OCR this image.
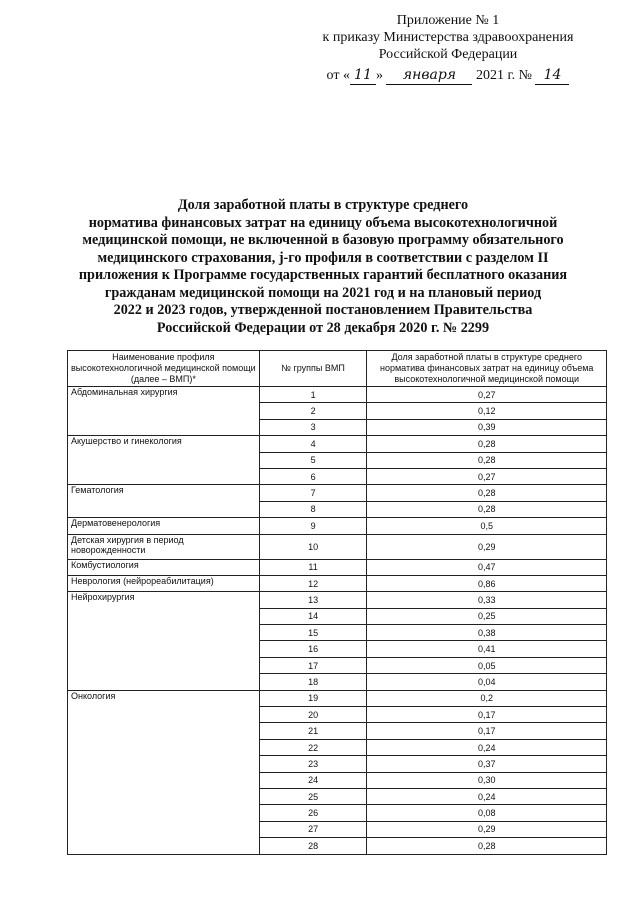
Приложение № 1
к приказу Министерства здравоохранения
Российской Федерации
от « 11 » января 2021 г. № 14
Доля заработной платы в структуре среднего
норматива финансовых затрат на единицу объема высокотехнологичной
медицинской помощи, не включенной в базовую программу обязательного
медицинского страхования, j-го профиля в соответствии с разделом II
приложения к Программе государственных гарантий бесплатного оказания
гражданам медицинской помощи на 2021 год и на плановый период
2022 и 2023 годов, утвержденной постановлением Правительства
Российской Федерации от 28 декабря 2020 г. № 2299
Наименование профиля высокотехнологичной медицинской помощи (далее – ВМП)*	№ группы ВМП	Доля заработной платы в структуре среднего норматива финансовых затрат на единицу объема высокотехнологичной медицинской помощи
Абдоминальная хирургия	1	0,27
	2	0,12
	3	0,39
Акушерство и гинекология	4	0,28
	5	0,28
	6	0,27
Гематология	7	0,28
	8	0,28
Дерматовенерология	9	0,5
Детская хирургия в период новорожденности	10	0,29
Комбустиология	11	0,47
Неврология (нейрореабилитация)	12	0,86
Нейрохирургия	13	0,33
	14	0,25
	15	0,38
	16	0,41
	17	0,05
	18	0,04
Онкология	19	0,2
	20	0,17
	21	0,17
	22	0,24
	23	0,37
	24	0,30
	25	0,24
	26	0,08
	27	0,29
	28	0,28
